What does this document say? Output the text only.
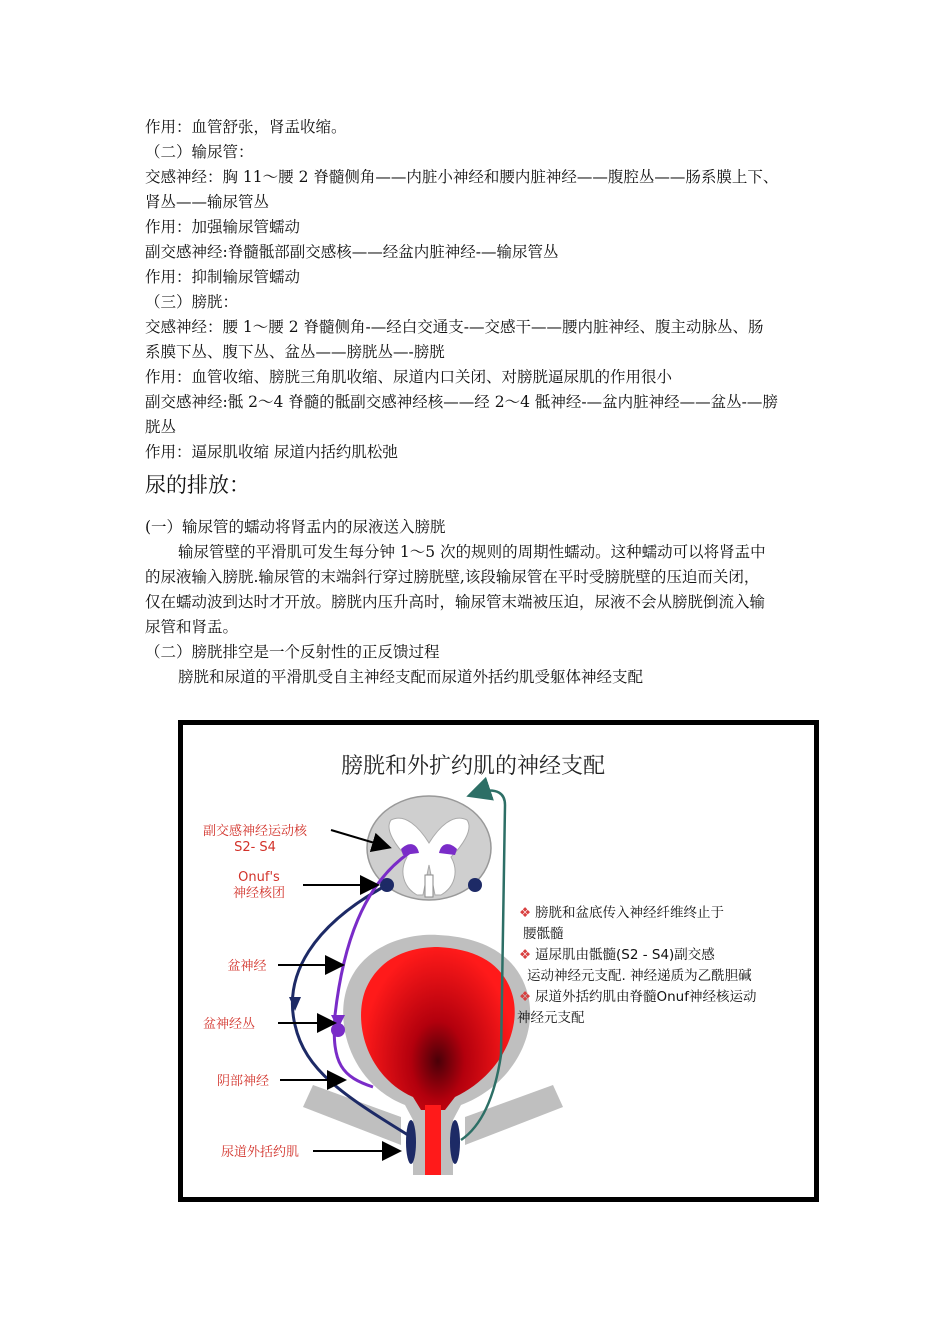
作用：血管舒张，肾盂收缩。
（二）输尿管：
交感神经：胸 11～腰 2 脊髓侧角——内脏小神经和腰内脏神经——腹腔丛——肠系膜上下、
肾丛——输尿管丛
作用：加强输尿管蠕动
副交感神经:脊髓骶部副交感核——经盆内脏神经-—输尿管丛
作用：抑制输尿管蠕动
（三）膀胱：
交感神经：腰 1～腰 2 脊髓侧角-—经白交通支-—交感干——腰内脏神经、腹主动脉丛、肠
系膜下丛、腹下丛、盆丛——膀胱丛—-膀胱
作用：血管收缩、膀胱三角肌收缩、尿道内口关闭、对膀胱逼尿肌的作用很小
副交感神经:骶 2～4 脊髓的骶副交感神经核——经 2～4 骶神经-—盆内脏神经——盆丛-—膀
胱丛
作用：逼尿肌收缩 尿道内括约肌松弛
尿的排放：
(一）输尿管的蠕动将肾盂内的尿液送入膀胱
输尿管壁的平滑肌可发生每分钟 1～5 次的规则的周期性蠕动。这种蠕动可以将肾盂中
的尿液输入膀胱.输尿管的末端斜行穿过膀胱壁,该段输尿管在平时受膀胱壁的压迫而关闭，
仅在蠕动波到达时才开放。膀胱内压升高时，输尿管末端被压迫，尿液不会从膀胱倒流入输
尿管和肾盂。
（二）膀胱排空是一个反射性的正反馈过程
膀胱和尿道的平滑肌受自主神经支配而尿道外括约肌受躯体神经支配
膀胱和外扩约肌的神经支配
副交感神经运动核
S2- S4
Onuf's
神经核团
盆神经
盆神经丛
阴部神经
尿道外括约肌
❖ 膀胱和盆底传入神经纤维终止于
腰骶髓
❖ 逼尿肌由骶髓(S2 - S4)副交感
运动神经元支配. 神经递质为乙酰胆碱
❖ 尿道外括约肌由脊髓Onuf神经核运动
神经元支配
